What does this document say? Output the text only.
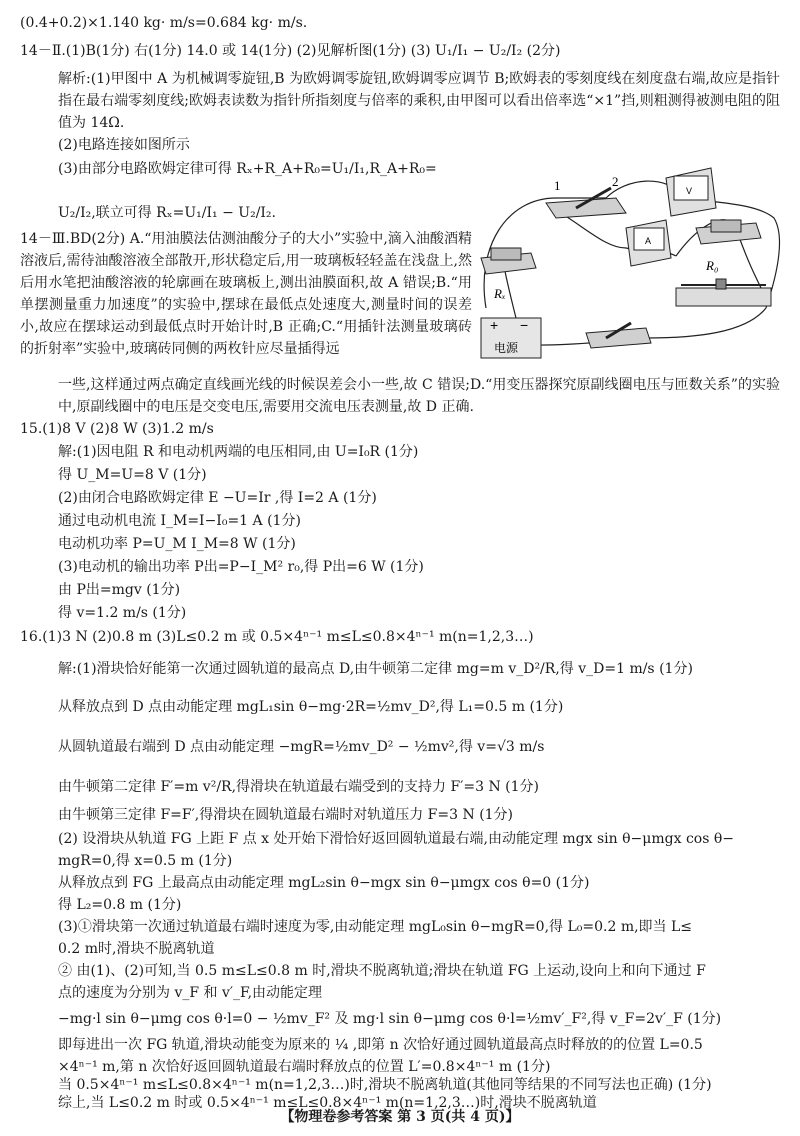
(0.4+0.2)×1.140 kg· m/s=0.684 kg· m/s.
14－Ⅱ.(1)B(1分) 右(1分) 14.0 或 14(1分) (2)见解析图(1分) (3) U₁/I₁ − U₂/I₂ (2分)
解析:(1)甲图中 A 为机械调零旋钮,B 为欧姆调零旋钮,欧姆调零应调节 B;欧姆表的零刻度线在刻度盘右端,故应是指针指在最右端零刻度线;欧姆表读数为指针所指刻度与倍率的乘积,由甲图可以看出倍率选“×1”挡,则粗测得被测电阻的阻值为 14Ω.
(2)电路连接如图所示
(3)由部分电路欧姆定律可得 Rₓ+R_A+R₀=U₁/I₁,R_A+R₀=
U₂/I₂,联立可得 Rₓ=U₁/I₁ − U₂/I₂.
14－Ⅲ.BD(2分) A.“用油膜法估测油酸分子的大小”实验中,滴入油酸酒精溶液后,需待油酸溶液全部散开,形状稳定后,用一玻璃板轻轻盖在浅盘上,然后用水笔把油酸溶液的轮廓画在玻璃板上,测出油膜面积,故 A 错误;B.“用单摆测量重力加速度”的实验中,摆球在最低点处速度大,测量时间的误差小,故应在摆球运动到最低点时开始计时,B 正确;C.“用插针法测量玻璃砖的折射率”实验中,玻璃砖同侧的两枚针应尽量插得远
一些,这样通过两点确定直线画光线的时候误差会小一些,故 C 错误;D.“用变压器探究原副线圈电压与匝数关系”的实验中,原副线圈中的电压是交变电压,需要用交流电压表测量,故 D 正确.
15.(1)8 V (2)8 W (3)1.2 m/s
解:(1)因电阻 R 和电动机两端的电压相同,由 U=I₀R (1分)
得 U_M=U=8 V (1分)
(2)由闭合电路欧姆定律 E −U=Ir ,得 I=2 A (1分)
通过电动机电流 I_M=I−I₀=1 A (1分)
电动机功率 P=U_M I_M=8 W (1分)
(3)电动机的输出功率 P出=P−I_M² r₀,得 P出=6 W (1分)
由 P出=mgv (1分)
得 v=1.2 m/s (1分)
16.(1)3 N (2)0.8 m (3)L≤0.2 m 或 0.5×4ⁿ⁻¹ m≤L≤0.8×4ⁿ⁻¹ m(n=1,2,3…)
解:(1)滑块恰好能第一次通过圆轨道的最高点 D,由牛顿第二定律 mg=m v_D²/R,得 v_D=1 m/s (1分)
从释放点到 D 点由动能定理 mgL₁sin θ−mg·2R=½mv_D²,得 L₁=0.5 m (1分)
从圆轨道最右端到 D 点由动能定理 −mgR=½mv_D² − ½mv²,得 v=√3 m/s
由牛顿第二定律 F′=m v²/R,得滑块在轨道最右端受到的支持力 F′=3 N (1分)
由牛顿第三定律 F=F′,得滑块在圆轨道最右端时对轨道压力 F=3 N (1分)
(2) 设滑块从轨道 FG 上距 F 点 x 处开始下滑恰好返回圆轨道最右端,由动能定理 mgx sin θ−μmgx cos θ−
mgR=0,得 x=0.5 m (1分)
从释放点到 FG 上最高点由动能定理 mgL₂sin θ−mgx sin θ−μmgx cos θ=0 (1分)
得 L₂=0.8 m (1分)
(3)①滑块第一次通过轨道最右端时速度为零,由动能定理 mgL₀sin θ−mgR=0,得 L₀=0.2 m,即当 L≤
0.2 m时,滑块不脱离轨道
② 由(1)、(2)可知,当 0.5 m≤L≤0.8 m 时,滑块不脱离轨道;滑块在轨道 FG 上运动,设向上和向下通过 F
点的速度为分别为 v_F 和 v′_F,由动能定理
−mg·l sin θ−μmg cos θ·l=0 − ½mv_F² 及 mg·l sin θ−μmg cos θ·l=½mv′_F²,得 v_F=2v′_F (1分)
即每进出一次 FG 轨道,滑块动能变为原来的 ¼ ,即第 n 次恰好通过圆轨道最高点时释放的的位置 L=0.5
×4ⁿ⁻¹ m,第 n 次恰好返回圆轨道最右端时释放点的位置 L′=0.8×4ⁿ⁻¹ m (1分)
当 0.5×4ⁿ⁻¹ m≤L≤0.8×4ⁿ⁻¹ m(n=1,2,3…)时,滑块不脱离轨道(其他同等结果的不同写法也正确) (1分)
综上,当 L≤0.2 m 时或 0.5×4ⁿ⁻¹ m≤L≤0.8×4ⁿ⁻¹ m(n=1,2,3…)时,滑块不脱离轨道
1	2
V
A
R₀
Rₓ
+ −
电源
【物理卷参考答案 第 3 页(共 4 页)】
